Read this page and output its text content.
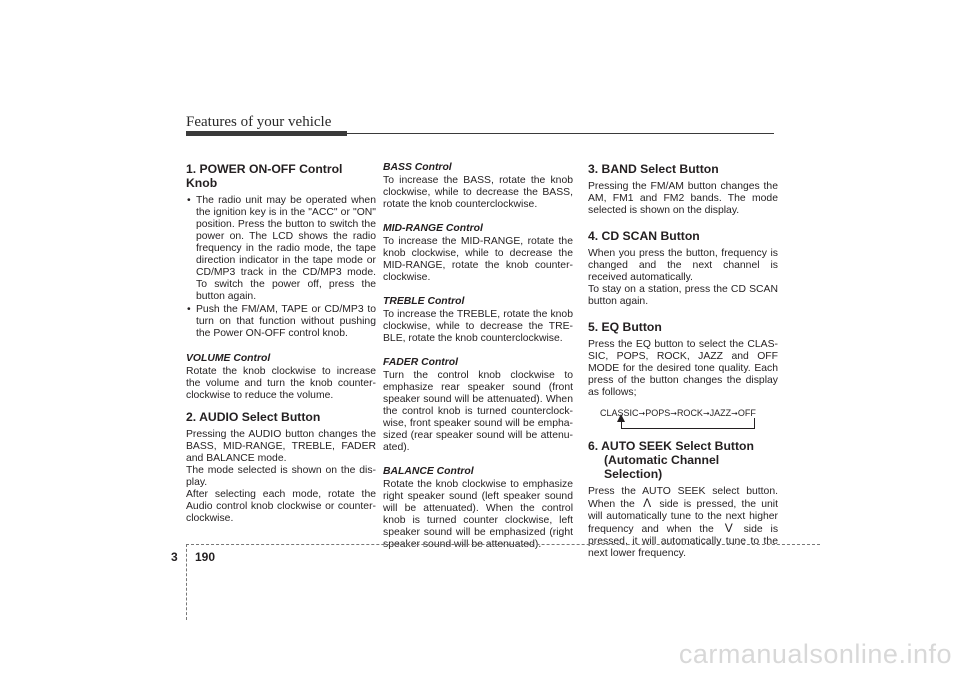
Features of your vehicle
1. POWER ON-OFF Control Knob
• The radio unit may be operated when the ignition key is in the "ACC" or "ON" position. Press the button to switch the power on. The LCD shows the radio frequency in the radio mode, the tape direction indicator in the tape mode or CD/MP3 track in the CD/MP3 mode. To switch the power off, press the button again.
• Push the FM/AM, TAPE or CD/MP3 to turn on that function without pushing the Power ON-OFF control knob.
VOLUME Control

Rotate the knob clockwise to increase the volume and turn the knob counter-clockwise to reduce the volume.

2. AUDIO Select Button

Pressing the AUDIO button changes the BASS, MID-RANGE, TREBLE, FADER and BALANCE mode.

The mode selected is shown on the dis-play.

After selecting each mode, rotate the Audio control knob clockwise or counter-clockwise.

BASS Control

To increase the BASS, rotate the knob clockwise, while to decrease the BASS, rotate the knob counterclockwise.

MID-RANGE Control

To increase the MID-RANGE, rotate the knob clockwise, while to decrease the MID-RANGE, rotate the knob counter-clockwise.

TREBLE Control

To increase the TREBLE, rotate the knob clockwise, while to decrease the TRE-BLE, rotate the knob counterclockwise.

FADER Control

Turn the control knob clockwise to emphasize rear speaker sound (front speaker sound will be attenuated). When the control knob is turned counterclock-wise, front speaker sound will be empha-sized (rear speaker sound will be attenu-ated).

BALANCE Control

Rotate the knob clockwise to emphasize right speaker sound (left speaker sound will be attenuated). When the control knob is turned counter clockwise, left speaker sound will be emphasized (right speaker sound will be attenuated).

3. BAND Select Button

Pressing the FM/AM button changes the AM, FM1 and FM2 bands. The mode selected is shown on the display.

4. CD SCAN Button

When you press the button, frequency is changed and the next channel is received automatically.

To stay on a station, press the CD SCAN button again.

5. EQ Button

Press the EQ button to select the CLAS-SIC, POPS, ROCK, JAZZ and OFF MODE for the desired tone quality. Each press of the button changes the display as follows;

CLASSIC➞POPS➞ROCK➞JAZZ➞OFF
6. AUTO SEEK Select Button
(Automatic Channel Selection)

Press the AUTO SEEK select button. When the Λ side is pressed, the unit will automatically tune to the next higher frequency and when the V side is pressed, it will automatically tune to the next lower frequency.

3 190
carmanualsonline.info
